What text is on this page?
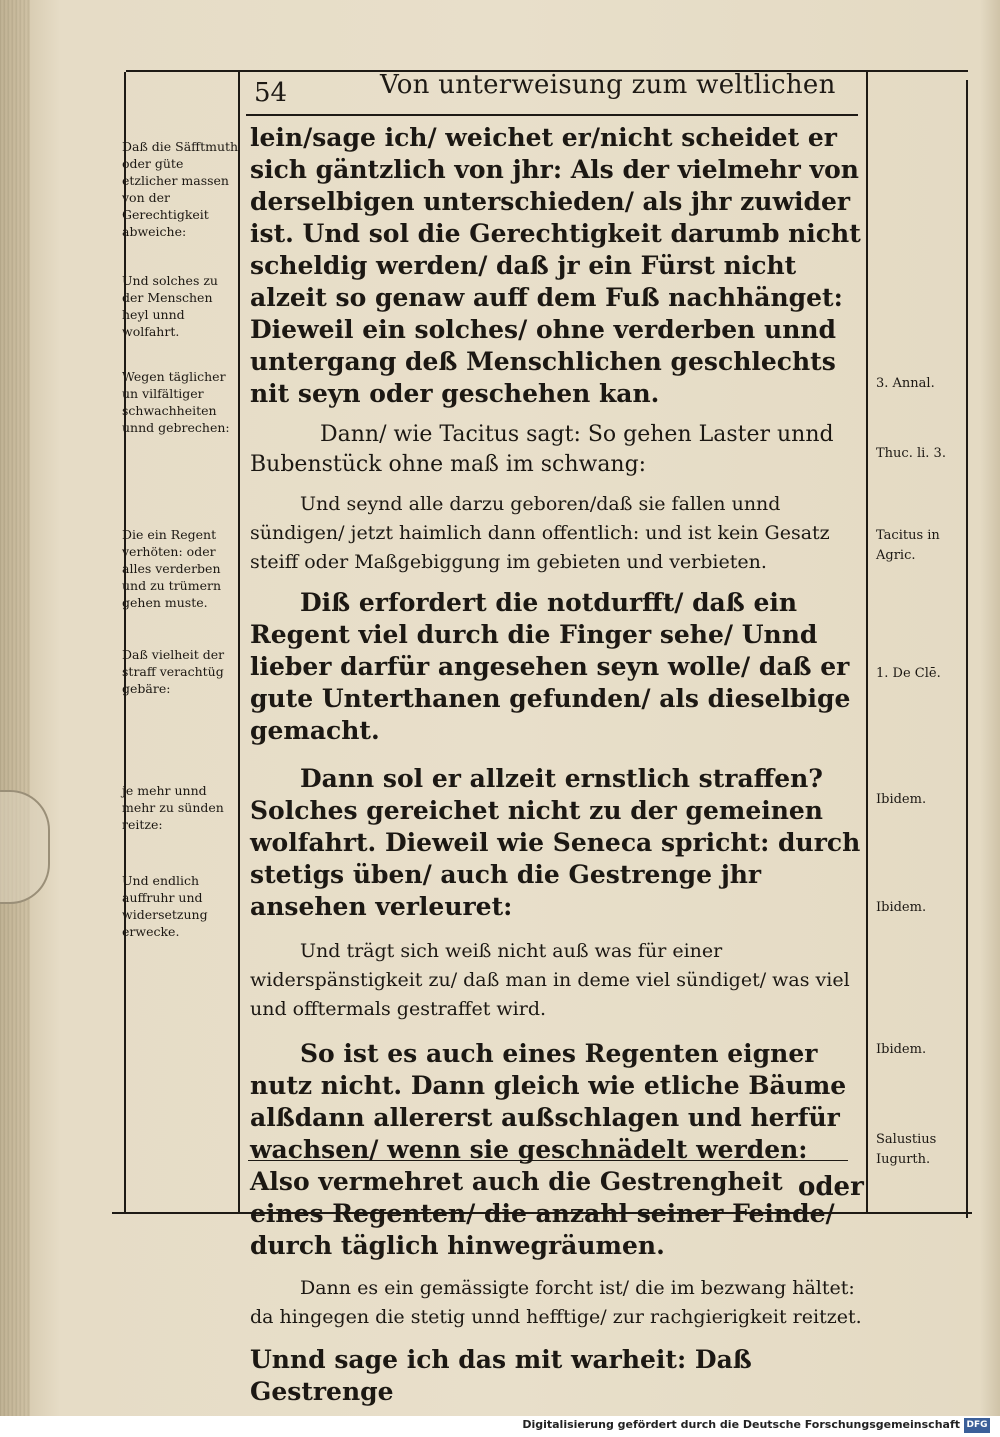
54	Von unterweisung zum weltlichen

lein/sage ich/ weichet er/nicht scheidet er sich gäntzlich von jhr: Als der vielmehr von derselbigen unterschieden/ als jhr zuwider ist. Und sol die Gerechtigkeit darumb nicht scheldig werden/ daß jr ein Fürst nicht alzeit so genaw auff dem Fuß nachhänget: Dieweil ein solches/ ohne verderben unnd untergang deß Menschlichen geschlechts nit seyn oder geschehen kan.

Dann/ wie Tacitus sagt: So gehen Laster unnd Bubenstück ohne maß im schwang:

Und seynd alle darzu geboren/daß sie fallen unnd sündigen/ jetzt haimlich dann offentlich: und ist kein Gesatz steiff oder Maßgebiggung im gebieten und verbieten.

Diß erfordert die notdurfft/ daß ein Regent viel durch die Finger sehe/ Unnd lieber darfür angesehen seyn wolle/ daß er gute Unterthanen gefunden/ als dieselbige gemacht.

Dann sol er allzeit ernstlich straffen? Solches gereichet nicht zu der gemeinen wolfahrt. Dieweil wie Seneca spricht: durch stetigs üben/ auch die Gestrenge jhr ansehen verleuret:

Und trägt sich weiß nicht auß was für einer widerspänstigkeit zu/ daß man in deme viel sündiget/ was viel und offtermals gestraffet wird.

So ist es auch eines Regenten eigner nutz nicht. Dann gleich wie etliche Bäume alßdann allererst außschlagen und herfür wachsen/ wenn sie geschnädelt werden: Also vermehret auch die Gestrengheit eines Regenten/ die anzahl seiner Feinde/ durch täglich hinwegräumen.

Dann es ein gemässigte forcht ist/ die im bezwang hältet: da hingegen die stetig unnd hefftige/ zur rachgierigkeit reitzet.

Unnd sage ich das mit warheit: Daß Gestrenge

Daß die Säfftmuth oder güte etzlicher massen von der Gerechtigkeit abweiche:
Und solches zu der Menschen heyl unnd wolfahrt.
Wegen täglicher un vilfältiger schwachheiten unnd gebrechen:
Die ein Regent verhöten: oder alles verderben und zu trümern gehen muste.
Daß vielheit der straff verachtüg gebäre:
je mehr unnd mehr zu sünden reitze:
Und endlich auffruhr und widersetzung erwecke.
3. Annal.
Thuc. li. 3.
Tacitus in Agric.
1. De Clē.
Ibidem.
Ibidem.
Ibidem.
Salustius Iugurth.
oder
Digitalisierung gefördert durch die Deutsche Forschungsgemeinschaft DFG
